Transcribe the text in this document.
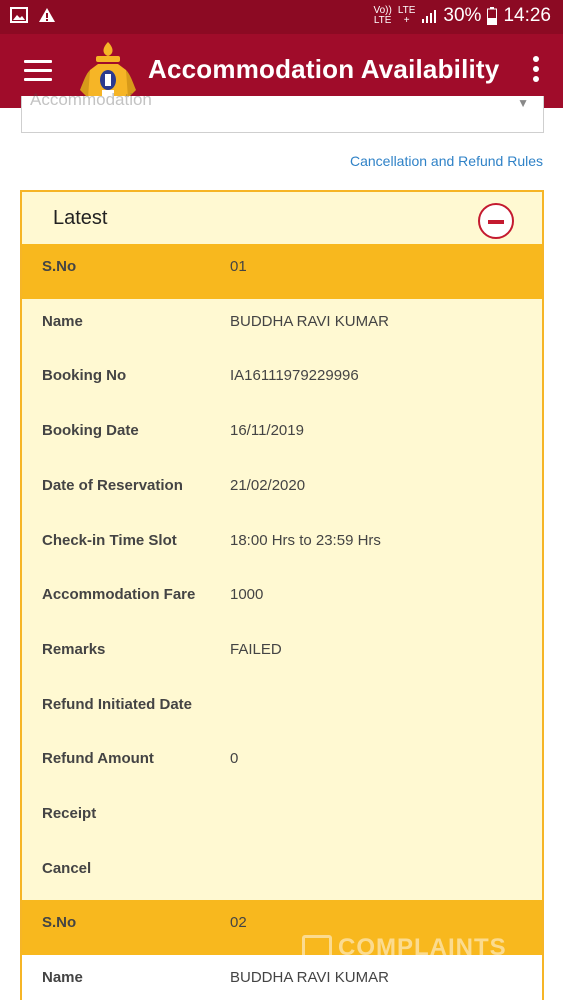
Vo))
LTE
LTE
+	30% 14:26
Accommodation Availability
Accommodation	▼
Cancellation and Refund Rules
Latest
S.No	01
Name	BUDDHA RAVI KUMAR
Booking No	IA16111979229996
Booking Date	16/11/2019
Date of Reservation	21/02/2020
Check-in Time Slot	18:00 Hrs to 23:59 Hrs
Accommodation Fare 1000
Remarks	FAILED
Refund Initiated Date
Refund Amount	0
Receipt
Cancel
S.No	02
Name	BUDDHA RAVI KUMAR
COMPLAINTS
